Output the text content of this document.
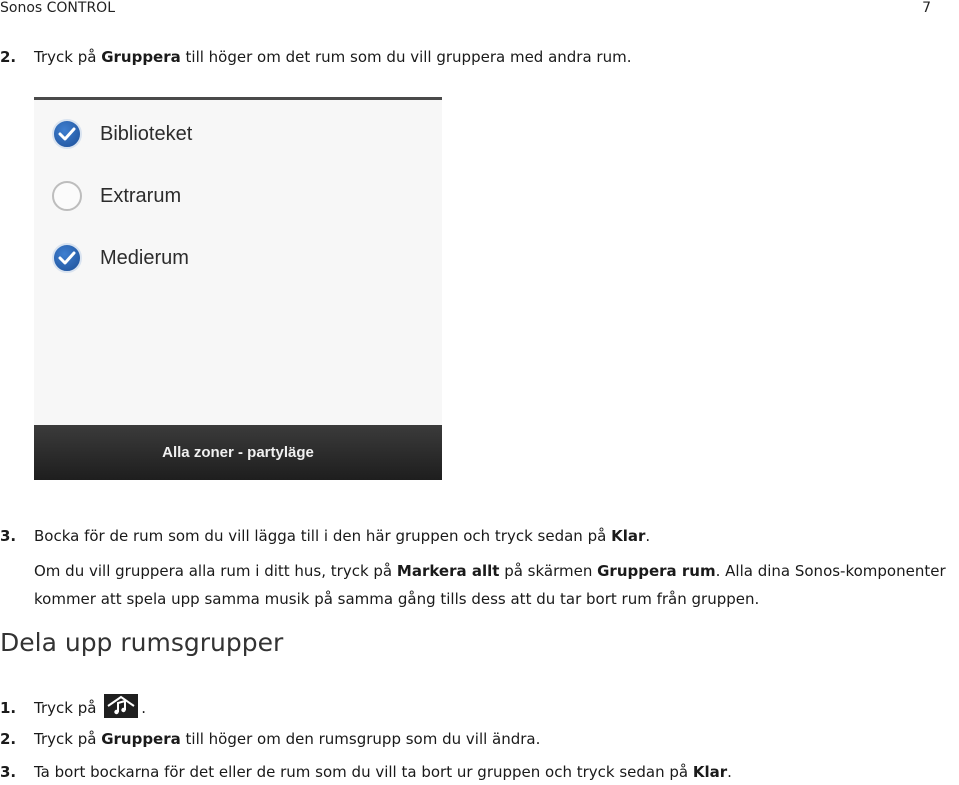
Sonos CONTROL	7
2. Tryck på Gruppera till höger om det rum som du vill gruppera med andra rum.
Biblioteket
Extrarum
Medierum
Alla zoner - partyläge
3. Bocka för de rum som du vill lägga till i den här gruppen och tryck sedan på Klar.
Om du vill gruppera alla rum i ditt hus, tryck på Markera allt på skärmen Gruppera rum. Alla dina Sonos-komponenter kommer att spela upp samma musik på samma gång tills dess att du tar bort rum från gruppen.
Dela upp rumsgrupper
1. Tryck på	.
2. Tryck på Gruppera till höger om den rumsgrupp som du vill ändra.
3. Ta bort bockarna för det eller de rum som du vill ta bort ur gruppen och tryck sedan på Klar.
